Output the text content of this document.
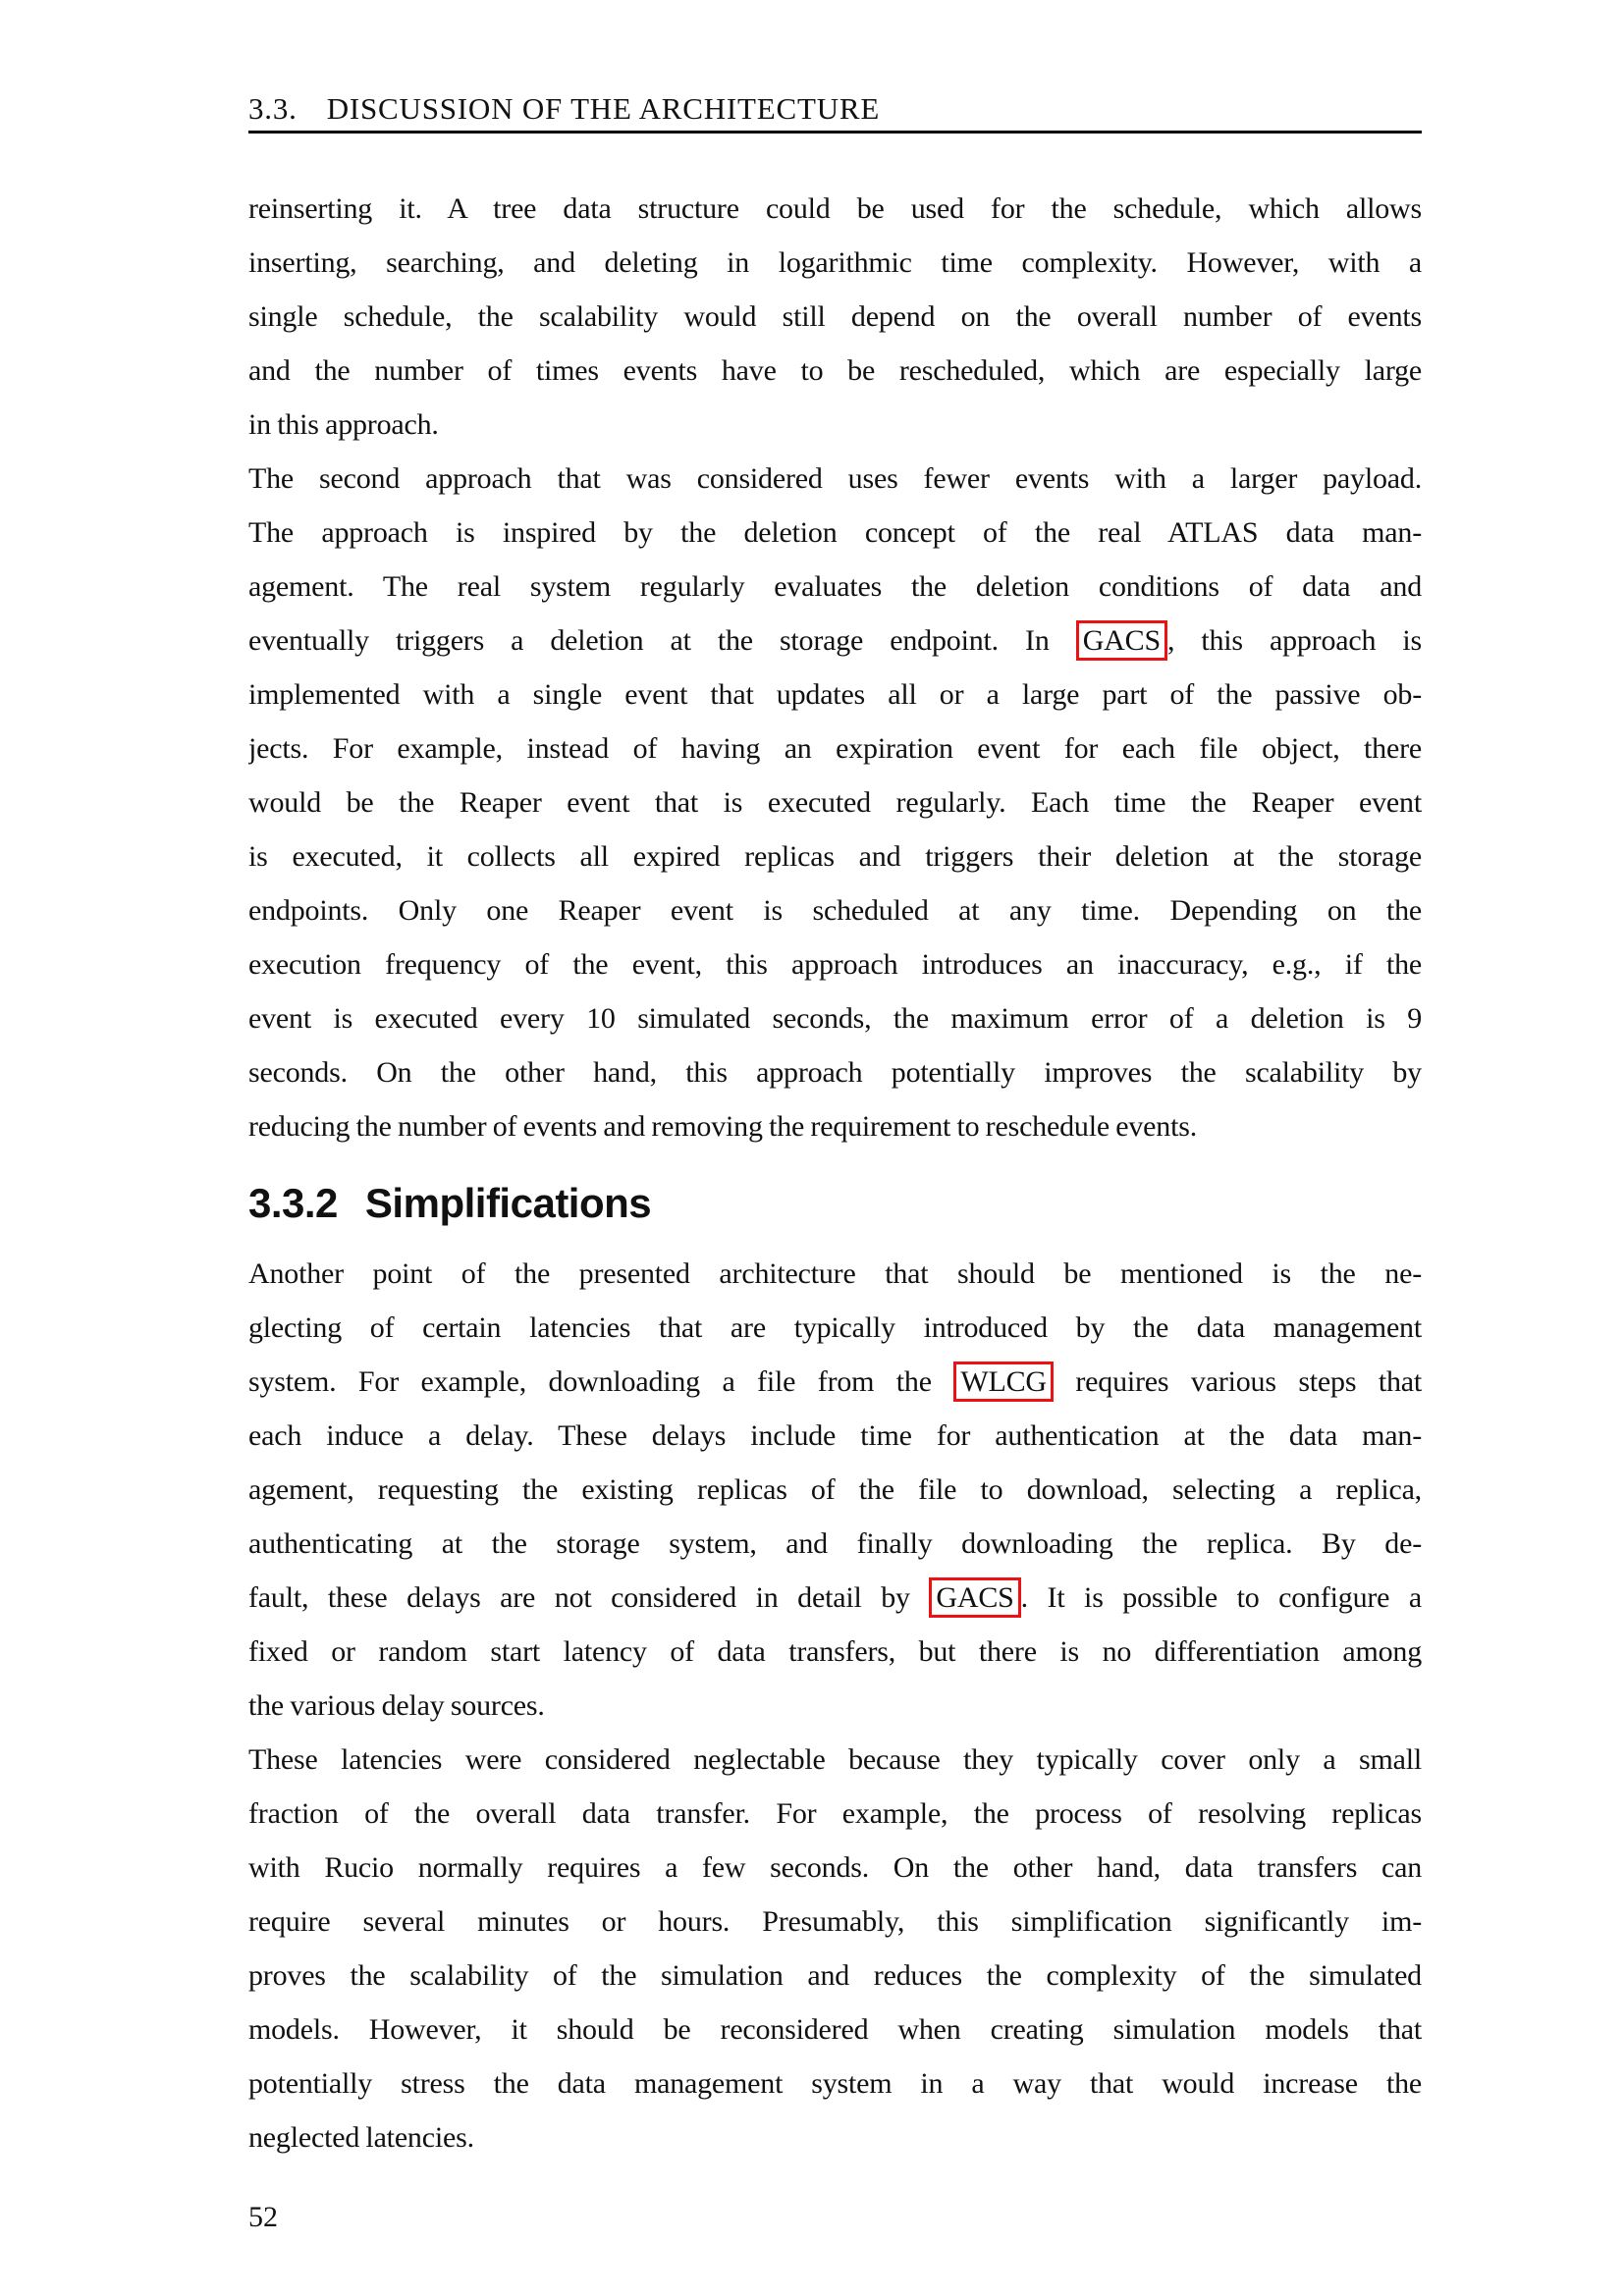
3.3. DISCUSSION OF THE ARCHITECTURE
reinserting it. A tree data structure could be used for the schedule, which allows
inserting, searching, and deleting in logarithmic time complexity. However, with a
single schedule, the scalability would still depend on the overall number of events
and the number of times events have to be rescheduled, which are especially large
in this approach.
The second approach that was considered uses fewer events with a larger payload.
The approach is inspired by the deletion concept of the real ATLAS data man-
agement. The real system regularly evaluates the deletion conditions of data and
eventually triggers a deletion at the storage endpoint. In GACS , this approach is
implemented with a single event that updates all or a large part of the passive ob-
jects. For example, instead of having an expiration event for each file object, there
would be the Reaper event that is executed regularly. Each time the Reaper event
is executed, it collects all expired replicas and triggers their deletion at the storage
endpoints. Only one Reaper event is scheduled at any time. Depending on the
execution frequency of the event, this approach introduces an inaccuracy, e.g., if the
event is executed every 10 simulated seconds, the maximum error of a deletion is 9
seconds. On the other hand, this approach potentially improves the scalability by
reducing the number of events and removing the requirement to reschedule events.
3.3.2 Simplifications
Another point of the presented architecture that should be mentioned is the ne-
glecting of certain latencies that are typically introduced by the data management
system. For example, downloading a file from the WLCG requires various steps that
each induce a delay. These delays include time for authentication at the data man-
agement, requesting the existing replicas of the file to download, selecting a replica,
authenticating at the storage system, and finally downloading the replica. By de-
fault, these delays are not considered in detail by GACS . It is possible to configure a
fixed or random start latency of data transfers, but there is no differentiation among
the various delay sources.
These latencies were considered neglectable because they typically cover only a small
fraction of the overall data transfer. For example, the process of resolving replicas
with Rucio normally requires a few seconds. On the other hand, data transfers can
require several minutes or hours. Presumably, this simplification significantly im-
proves the scalability of the simulation and reduces the complexity of the simulated
models. However, it should be reconsidered when creating simulation models that
potentially stress the data management system in a way that would increase the
neglected latencies.
52
